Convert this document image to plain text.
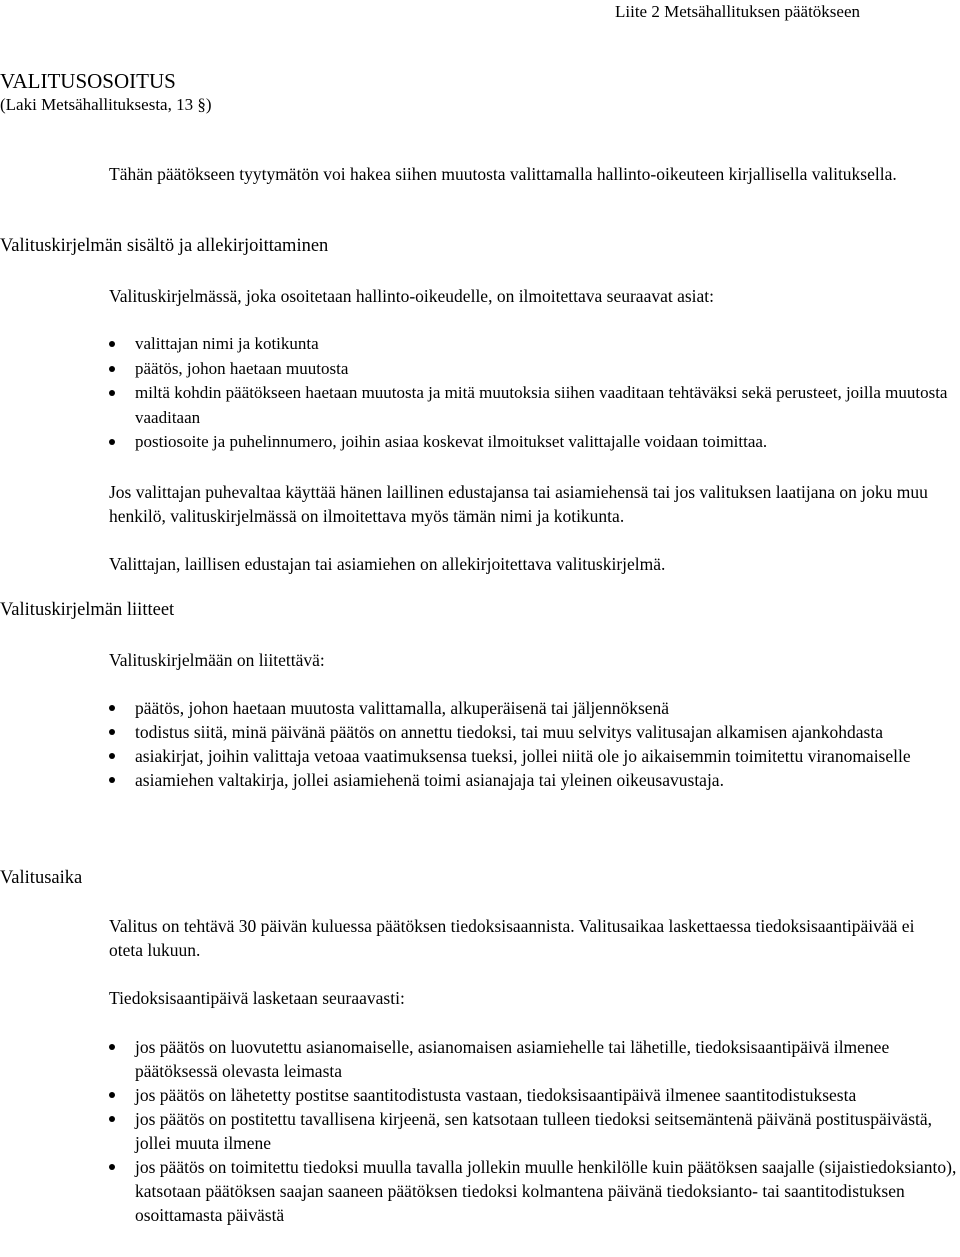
Liite 2 Metsähallituksen päätökseen
VALITUSOSOITUS
(Laki Metsähallituksesta, 13 §)

Tähän päätökseen tyytymätön voi hakea siihen muutosta valittamalla hallinto-oikeuteen kirjallisella valituksella.

Valituskirjelmän sisältö ja allekirjoittaminen

Valituskirjelmässä, joka osoitetaan hallinto-oikeudelle, on ilmoitettava seuraavat asiat:

valittajan nimi ja kotikunta
päätös, johon haetaan muutosta
miltä kohdin päätökseen haetaan muutosta ja mitä muutoksia siihen vaaditaan tehtäväksi sekä perusteet, joilla muutosta vaaditaan
postiosoite ja puhelinnumero, joihin asiaa koskevat ilmoitukset valittajalle voidaan toimittaa.

Jos valittajan puhevaltaa käyttää hänen laillinen edustajansa tai asiamiehensä tai jos valituksen laatijana on joku muu henkilö, valituskirjelmässä on ilmoitettava myös tämän nimi ja kotikunta.

Valittajan, laillisen edustajan tai asiamiehen on allekirjoitettava valituskirjelmä.

Valituskirjelmän liitteet

Valituskirjelmään on liitettävä:

päätös, johon haetaan muutosta valittamalla, alkuperäisenä tai jäljennöksenä
todistus siitä, minä päivänä päätös on annettu tiedoksi, tai muu selvitys valitusajan alkamisen ajankohdasta
asiakirjat, joihin valittaja vetoaa vaatimuksensa tueksi, jollei niitä ole jo aikaisemmin toimitettu viranomaiselle
asiamiehen valtakirja, jollei asiamiehenä toimi asianajaja tai yleinen oikeusavustaja.
Valitusaika

Valitus on tehtävä 30 päivän kuluessa päätöksen tiedoksisaannista. Valitusaikaa laskettaessa tiedoksisaantipäivää ei oteta lukuun.

Tiedoksisaantipäivä lasketaan seuraavasti:

jos päätös on luovutettu asianomaiselle, asianomaisen asiamiehelle tai lähetille, tiedoksisaantipäivä ilmenee päätöksessä olevasta leimasta
jos päätös on lähetetty postitse saantitodistusta vastaan, tiedoksisaantipäivä ilmenee saantitodistuksesta
jos päätös on postitettu tavallisena kirjeenä, sen katsotaan tulleen tiedoksi seitsemäntenä päivänä postituspäivästä, jollei muuta ilmene
jos päätös on toimitettu tiedoksi muulla tavalla jollekin muulle henkilölle kuin päätöksen saajalle (sijaistiedoksianto), katsotaan päätöksen saajan saaneen päätöksen tiedoksi kolmantena päivänä tiedoksianto- tai saantitodistuksen osoittamasta päivästä
